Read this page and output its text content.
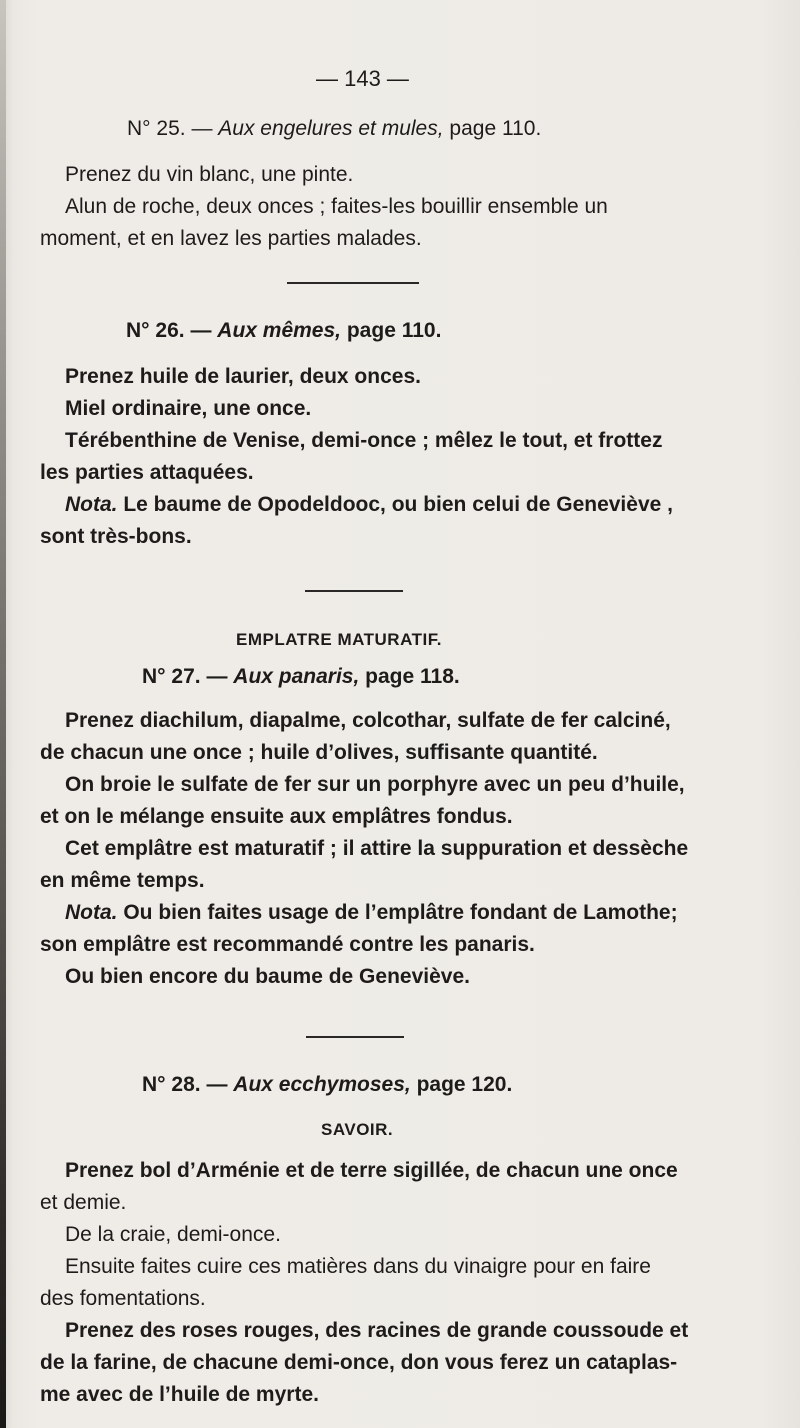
— 143 —
N° 25. — Aux engelures et mules, page 110.
Prenez du vin blanc, une pinte.
Alun de roche, deux onces ; faites-les bouillir ensemble un
moment, et en lavez les parties malades.
N° 26. — Aux mêmes, page 110.
Prenez huile de laurier, deux onces.
Miel ordinaire, une once.
Térébenthine de Venise, demi-once ; mêlez le tout, et frottez
les parties attaquées.
Nota. Le baume de Opodeldooc, ou bien celui de Geneviève ,
sont très-bons.
EMPLATRE MATURATIF.
N° 27. — Aux panaris, page 118.
Prenez diachilum, diapalme, colcothar, sulfate de fer calciné,
de chacun une once ; huile d’olives, suffisante quantité.
On broie le sulfate de fer sur un porphyre avec un peu d’huile,
et on le mélange ensuite aux emplâtres fondus.
Cet emplâtre est maturatif ; il attire la suppuration et dessèche
en même temps.
Nota. Ou bien faites usage de l’emplâtre fondant de Lamothe;
son emplâtre est recommandé contre les panaris.
Ou bien encore du baume de Geneviève.
N° 28. — Aux ecchymoses, page 120.
SAVOIR.
Prenez bol d’Arménie et de terre sigillée, de chacun une once
et demie.
De la craie, demi-once.
Ensuite faites cuire ces matières dans du vinaigre pour en faire
des fomentations.
Prenez des roses rouges, des racines de grande coussoude et
de la farine, de chacune demi-once, don vous ferez un cataplas-
me avec de l’huile de myrte.
